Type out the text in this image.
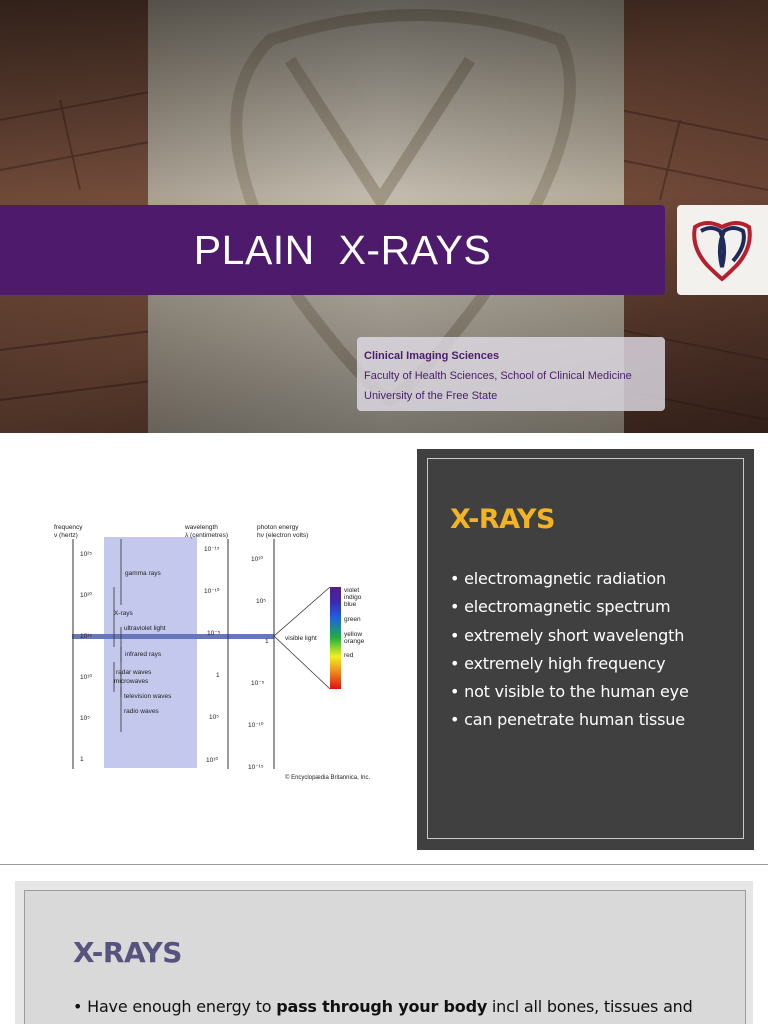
PLAIN  X-RAYS
Clinical Imaging Sciences
Faculty of Health Sciences, School of Clinical Medicine
University of the Free State
frequency
ν (hertz)
wavelength
λ (centimetres)
photon energy
hν (electron volts)
10²⁵
10²⁰
10¹⁵
10¹⁰
10⁵
1
10⁻¹⁵
10⁻¹⁰
10⁻⁵
1
10⁵
10¹⁰
10¹⁰
10⁵
1
10⁻⁵
10⁻¹⁰
10⁻¹⁵
gamma rays
X-rays
ultraviolet light
infrared rays
radar waves
microwaves
television waves
radio waves
visible light
violet
indigo
blue
green
yellow
orange
red
© Encyclopædia Britannica, Inc.
X-RAYS
• electromagnetic radiation
• electromagnetic spectrum
• extremely short wavelength
• extremely high frequency
• not visible to the human eye
• can penetrate human tissue
X-RAYS

• Have enough energy to pass through your body incl all bones, tissues and
